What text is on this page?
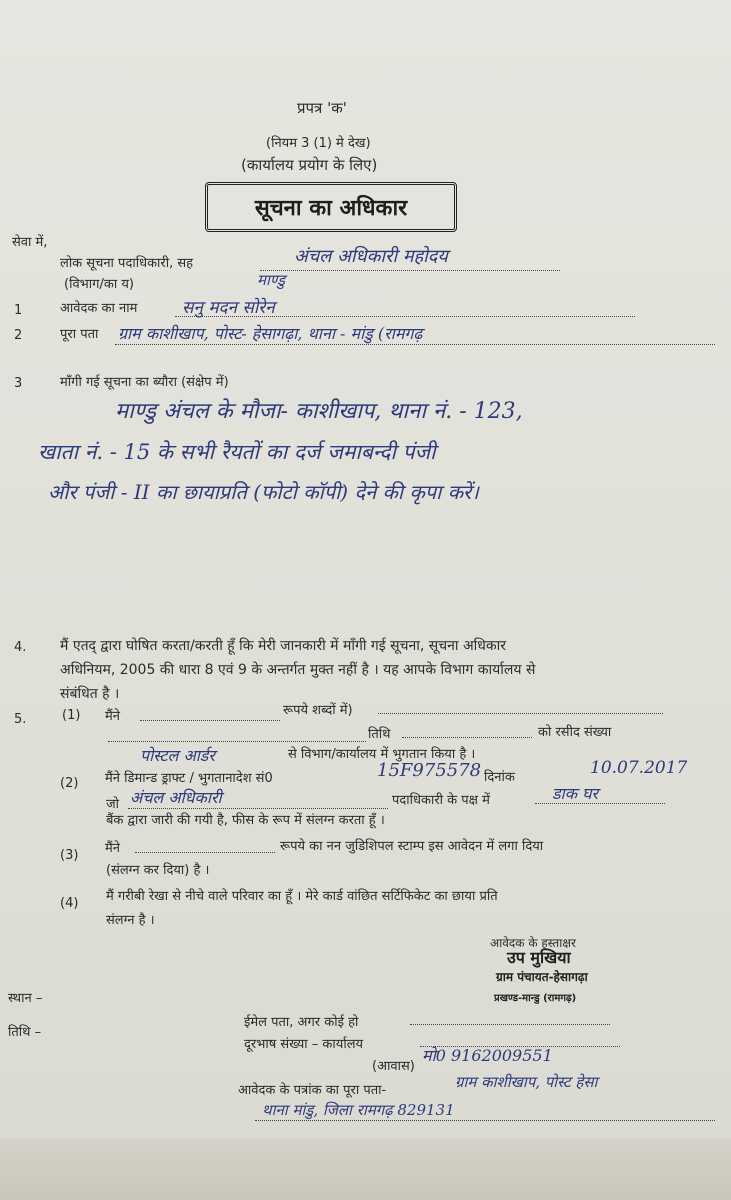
प्रपत्र 'क'
(नियम 3 (1) मे देख)
(कार्यालय प्रयोग के लिए)
सूचना का अधिकार
सेवा में,
लोक सूचना पदाधिकारी, सह	अंचल अधिकारी महोदय
(विभाग/का य)	माण्डु
1	आवेदक का नाम	सनु मदन सोरेन
2	पूरा पता ग्राम काशीखाप, पोस्ट- हेसागढ़ा, थाना - मांडु (रामगढ़
3	माँगी गई सूचना का ब्यौरा (संक्षेप में)
माण्डु अंचल के मौजा- काशीखाप, थाना नं. - 123,
खाता नं. - 15 के सभी रैयतों का दर्ज जमाबन्दी पंजी
और पंजी - II का छायाप्रति (फोटो कॉपी) देने की कृपा करें।
4. मैं एतद् द्वारा घोषित करता/करती हूँ कि मेरी जानकारी में माँगी गई सूचना, सूचना अधिकार
अधिनियम, 2005 की धारा 8 एवं 9 के अन्तर्गत मुक्त नहीं है । यह आपके विभाग कार्यालय से
संबंधित है ।
5.	(1) मैंने	रूपये शब्दों में)
तिथि	को रसीद संख्या
पोस्टल आर्डर	से विभाग/कार्यालय में भुगतान किया है ।
(2) मैंने डिमान्ड ड्राफ्ट / भुगतानादेश सं0	15F975578 दिनांक	10.07.2017
जो अंचल अधिकारी	पदाधिकारी के पक्ष में	डाक घर
बैंक द्वारा जारी की गयी है, फीस के रूप में संलग्न करता हूँ ।
(3) मैंने	रूपये का नन जुडिशिपल स्टाम्प इस आवेदन में लगा दिया
(संलग्न कर दिया) है ।
(4) मैं गरीबी रेखा से नीचे वाले परिवार का हूँ । मेरे कार्ड वांछित सर्टिफिकेट का छाया प्रति
संलग्न है ।
आवेदक के हस्ताक्षर
उप मुखिया
ग्राम पंचायत-हेसागढ़ा
प्रखण्ड-मान्डु (रामगढ़)
स्थान –
तिथि –
ईमेल पता, अगर कोई हो
दूरभाष संख्या – कार्यालय
(आवास)
मो0 9162009551
आवेदक के पत्रांक का पूरा पता-	ग्राम काशीखाप, पोस्ट हेसा
थाना मांडु, जिला रामगढ़ 829131
